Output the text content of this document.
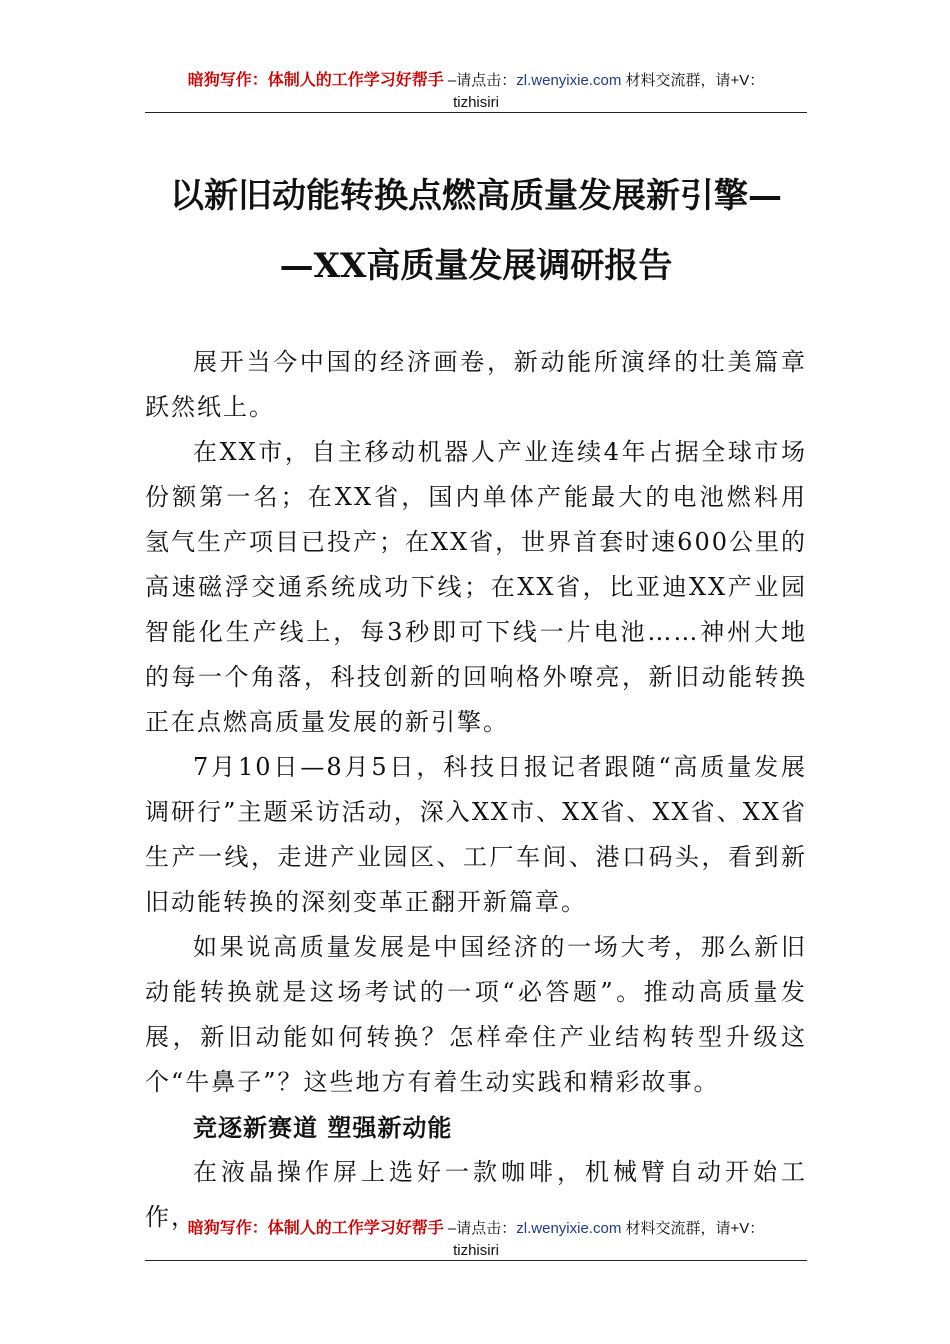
暗狗写作：体制人的工作学习好帮手 –请点击：zl.wenyixie.com 材料交流群，请+V：
tizhisiri
以新旧动能转换点燃高质量发展新引擎—
—XX高质量发展调研报告

展开当今中国的经济画卷，新动能所演绎的壮美篇章跃然纸上。

在XX市，自主移动机器人产业连续4年占据全球市场份额第一名；在XX省，国内单体产能最大的电池燃料用氢气生产项目已投产；在XX省，世界首套时速600公里的高速磁浮交通系统成功下线；在XX省，比亚迪XX产业园智能化生产线上，每3秒即可下线一片电池……神州大地的每一个角落，科技创新的回响格外嘹亮，新旧动能转换正在点燃高质量发展的新引擎。

7月10日—8月5日，科技日报记者跟随“高质量发展调研行”主题采访活动，深入XX市、XX省、XX省、XX省生产一线，走进产业园区、工厂车间、港口码头，看到新旧动能转换的深刻变革正翻开新篇章。

如果说高质量发展是中国经济的一场大考，那么新旧动能转换就是这场考试的一项“必答题”。推动高质量发展，新旧动能如何转换？怎样牵住产业结构转型升级这个“牛鼻子”？这些地方有着生动实践和精彩故事。

竞逐新赛道 塑强新动能

在液晶操作屏上选好一款咖啡，机械臂自动开始工作，

暗狗写作：体制人的工作学习好帮手 –请点击：zl.wenyixie.com 材料交流群，请+V：
tizhisiri
